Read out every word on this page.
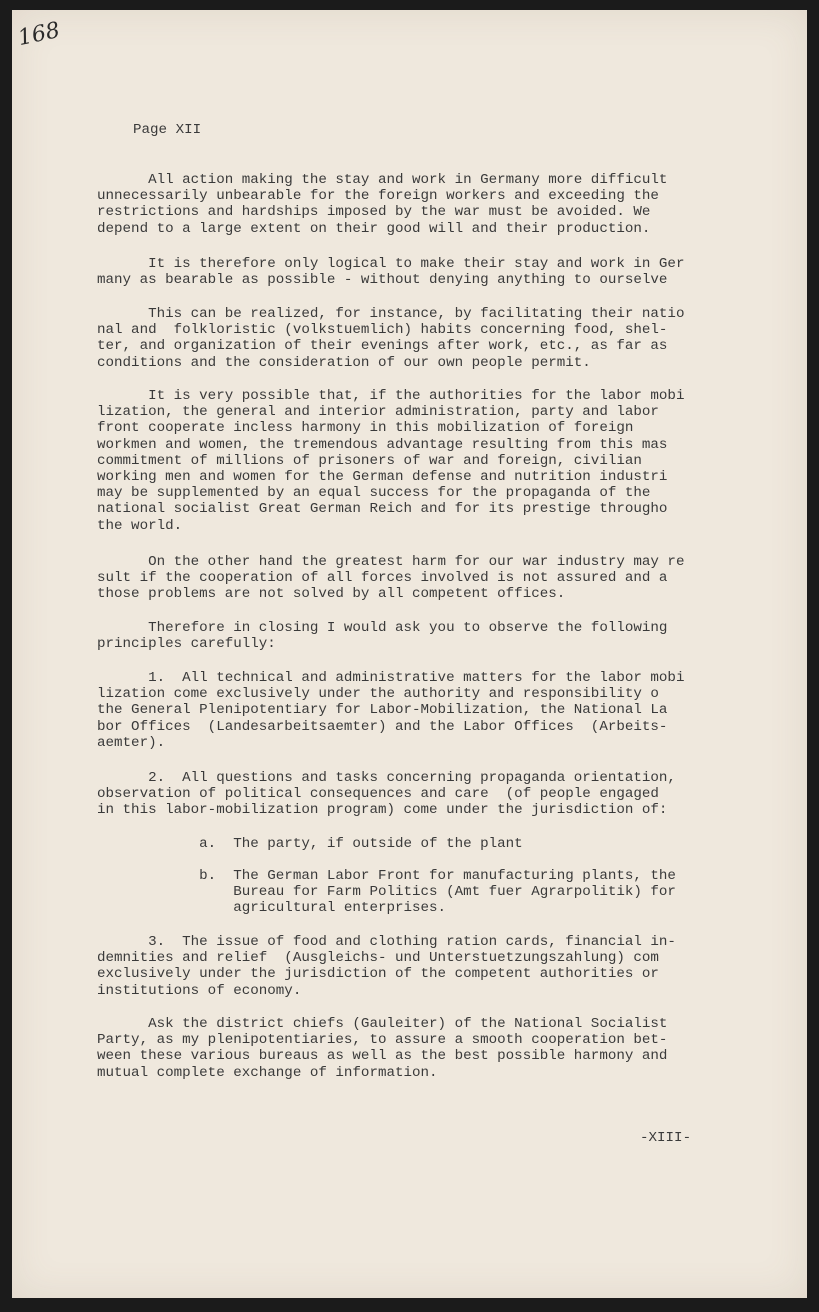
168
Page XII
All action making the stay and work in Germany more difficult
unnecessarily unbearable for the foreign workers and exceeding the
restrictions and hardships imposed by the war must be avoided. We
depend to a large extent on their good will and their production.
It is therefore only logical to make their stay and work in Ger
many as bearable as possible - without denying anything to ourselve
This can be realized, for instance, by facilitating their natio
nal and  folkloristic (volkstuemlich) habits concerning food, shel-
ter, and organization of their evenings after work, etc., as far as
conditions and the consideration of our own people permit.
It is very possible that, if the authorities for the labor mobi
lization, the general and interior administration, party and labor
front cooperate incless harmony in this mobilization of foreign
workmen and women, the tremendous advantage resulting from this mas
commitment of millions of prisoners of war and foreign, civilian
working men and women for the German defense and nutrition industri
may be supplemented by an equal success for the propaganda of the
national socialist Great German Reich and for its prestige througho
the world.
On the other hand the greatest harm for our war industry may re
sult if the cooperation of all forces involved is not assured and a
those problems are not solved by all competent offices.
Therefore in closing I would ask you to observe the following
principles carefully:
1.  All technical and administrative matters for the labor mobi
lization come exclusively under the authority and responsibility o
the General Plenipotentiary for Labor-Mobilization, the National La
bor Offices  (Landesarbeitsaemter) and the Labor Offices  (Arbeits-
aemter).
2.  All questions and tasks concerning propaganda orientation,
observation of political consequences and care  (of people engaged
in this labor-mobilization program) come under the jurisdiction of:
a.  The party, if outside of the plant
b.  The German Labor Front for manufacturing plants, the
Bureau for Farm Politics (Amt fuer Agrarpolitik) for
agricultural enterprises.
3.  The issue of food and clothing ration cards, financial in-
demnities and relief  (Ausgleichs- und Unterstuetzungszahlung) com
exclusively under the jurisdiction of the competent authorities or
institutions of economy.
Ask the district chiefs (Gauleiter) of the National Socialist
Party, as my plenipotentiaries, to assure a smooth cooperation bet-
ween these various bureaus as well as the best possible harmony and
mutual complete exchange of information.
-XIII-
